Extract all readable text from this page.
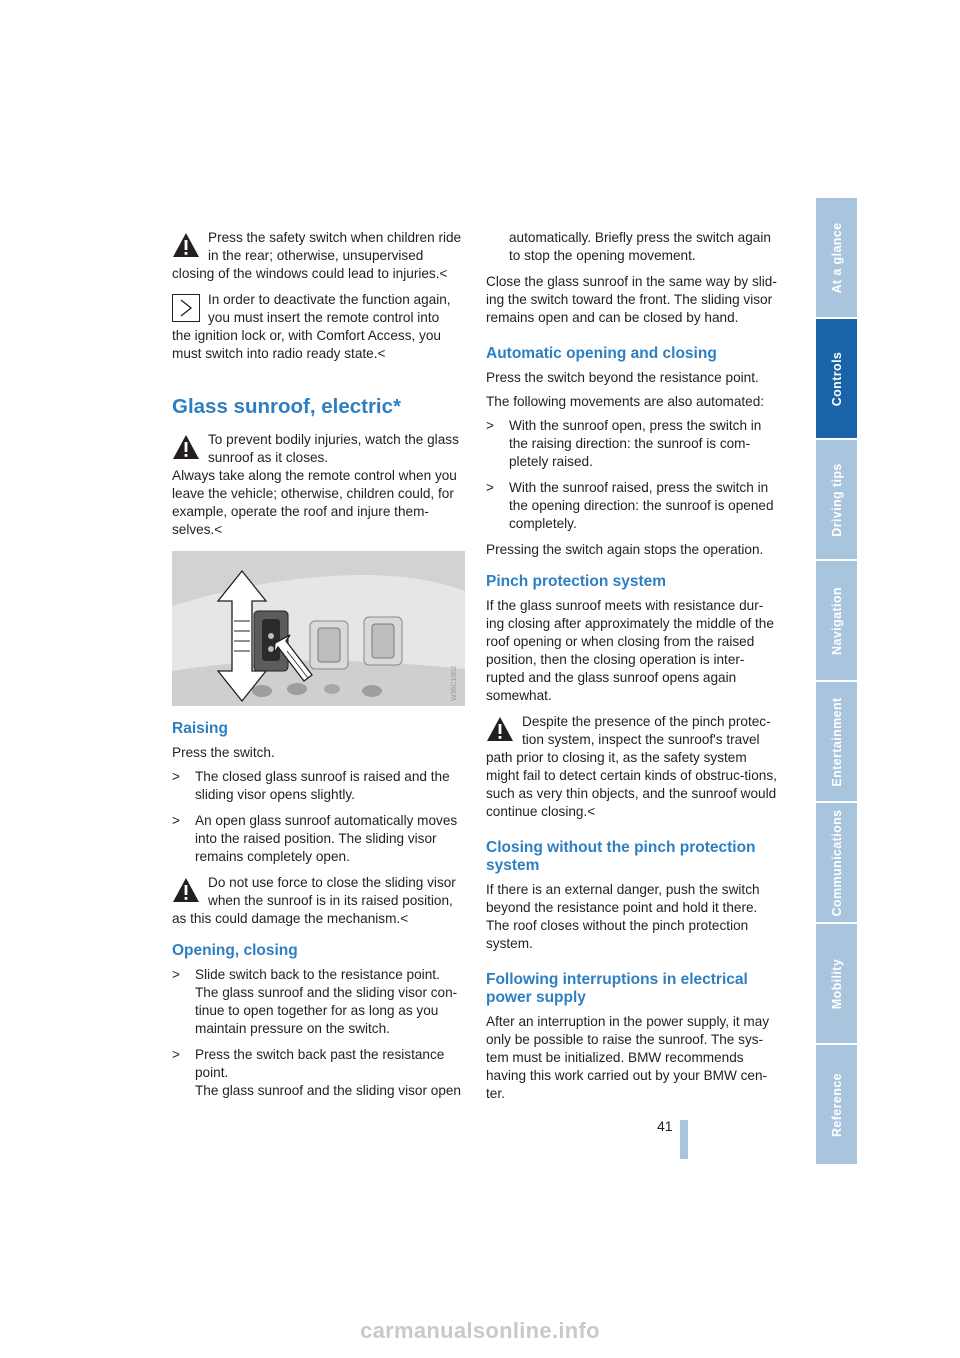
Press the safety switch when children ride in the rear; otherwise, unsupervised
closing of the windows could lead to injuries.<
In order to deactivate the function again, you must insert the remote control into
the ignition lock or, with Comfort Access, you must switch into radio ready state.<
Glass sunroof, electric*
To prevent bodily injuries, watch the glass sunroof as it closes.
Always take along the remote control when you leave the vehicle; otherwise, children could, for example, operate the roof and injure them-selves.<
W36C1002
Raising

Press the switch.

> The closed glass sunroof is raised and the sliding visor opens slightly.
> An open glass sunroof automatically moves into the raised position. The sliding visor remains completely open.
Do not use force to close the sliding visor when the sunroof is in its raised position,
as this could damage the mechanism.<
Opening, closing
> Slide switch back to the resistance point. The glass sunroof and the sliding visor con-tinue to open together for as long as you maintain pressure on the switch.
> Press the switch back past the resistance point.
The glass sunroof and the sliding visor open

automatically. Briefly press the switch again to stop the opening movement.

Close the glass sunroof in the same way by slid-ing the switch toward the front. The sliding visor remains open and can be closed by hand.

Automatic opening and closing

Press the switch beyond the resistance point.

The following movements are also automated:

> With the sunroof open, press the switch in the raising direction: the sunroof is com-pletely raised.
> With the sunroof raised, press the switch in the opening direction: the sunroof is opened completely.

Pressing the switch again stops the operation.

Pinch protection system

If the glass sunroof meets with resistance dur-ing closing after approximately the middle of the roof opening or when closing from the raised position, then the closing operation is inter-rupted and the glass sunroof opens again somewhat.

Despite the presence of the pinch protec-tion system, inspect the sunroof's travel
path prior to closing it, as the safety system might fail to detect certain kinds of obstruc-tions, such as very thin objects, and the sunroof would continue closing.<
Closing without the pinch protection system

If there is an external danger, push the switch beyond the resistance point and hold it there. The roof closes without the pinch protection system.

Following interruptions in electrical power supply

After an interruption in the power supply, it may only be possible to raise the sunroof. The sys-tem must be initialized. BMW recommends having this work carried out by your BMW cen-ter.

At a glance
Controls
Driving tips
Navigation
Entertainment
Communications
Mobility
Reference
41
carmanualsonline.info
